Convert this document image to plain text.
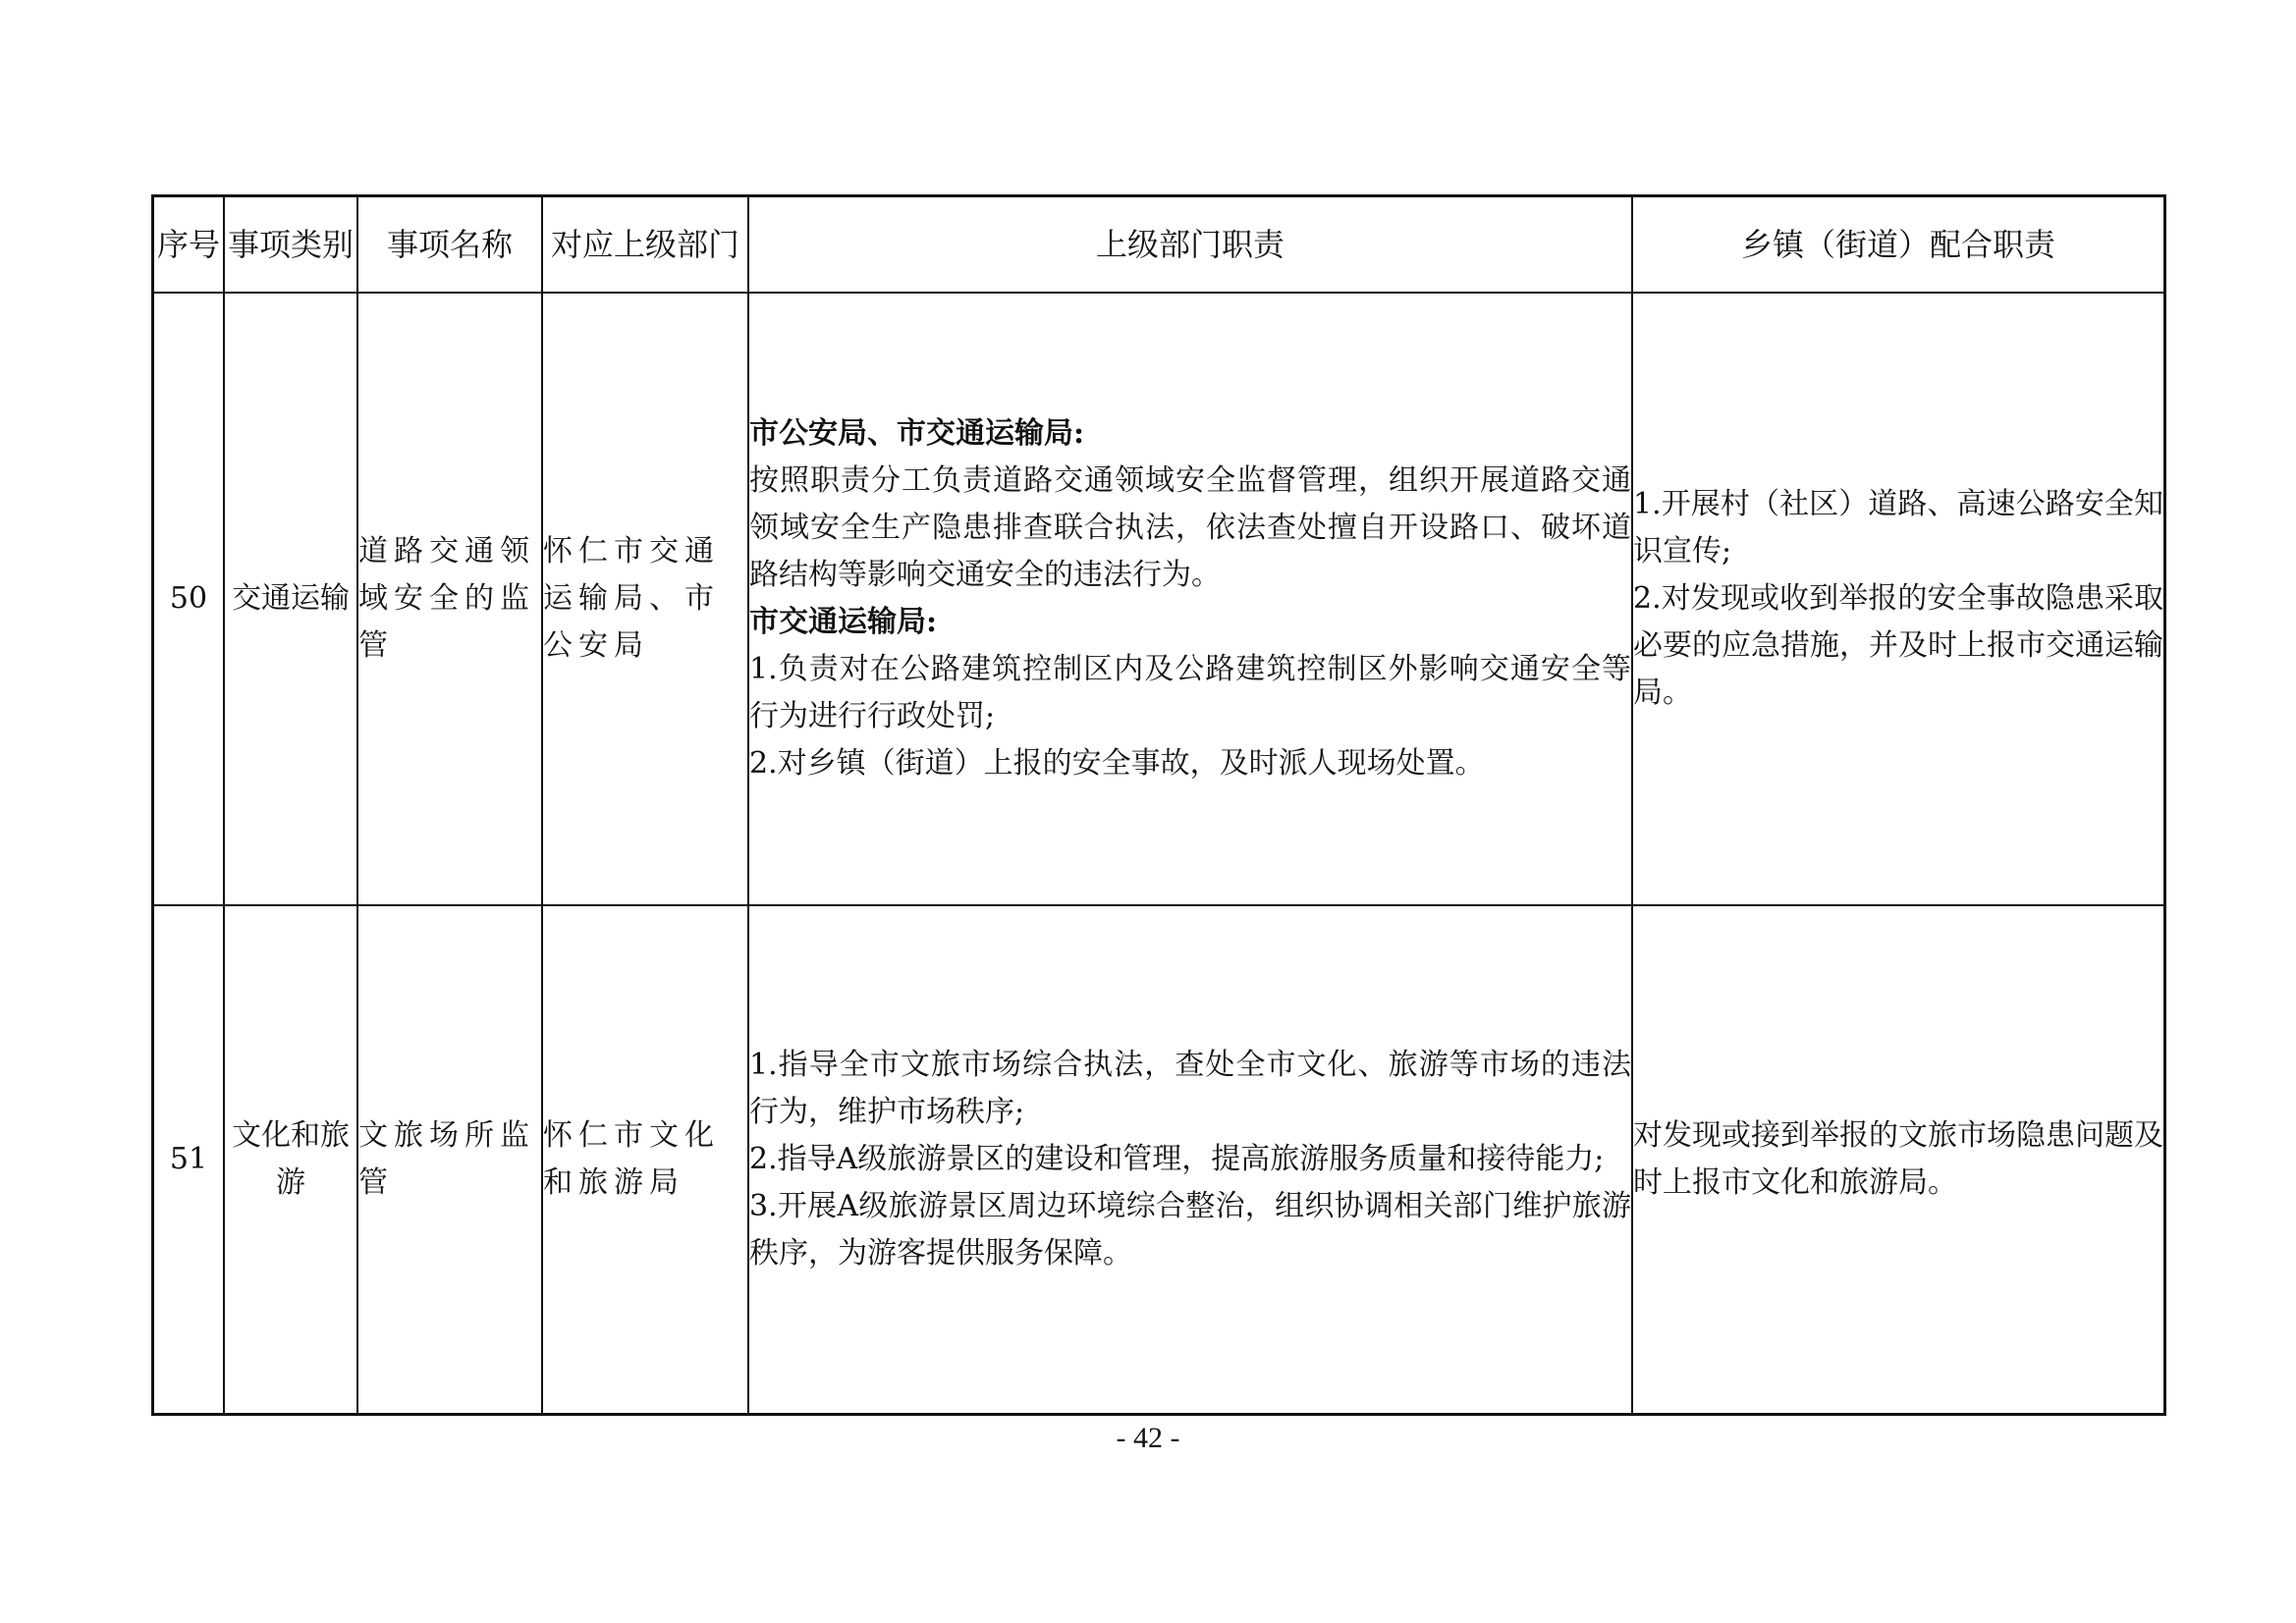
序号	事项类别	事项名称	对应上级部门	上级部门职责	乡镇（街道）配合职责
50	交通运输	道路交通领域安全的监管	怀仁市交通运输局、市公安局	市公安局、市交通运输局:
按照职责分工负责道路交通领域安全监督管理，组织开展道路交通领域安全生产隐患排查联合执法，依法查处擅自开设路口、破坏道路结构等影响交通安全的违法行为。
市交通运输局:
1.负责对在公路建筑控制区内及公路建筑控制区外影响交通安全等行为进行行政处罚;
2.对乡镇（街道）上报的安全事故，及时派人现场处置。	1.开展村（社区）道路、高速公路安全知识宣传;
2.对发现或收到举报的安全事故隐患采取必要的应急措施，并及时上报市交通运输局。

51	文化和旅游	文旅场所监管	怀仁市文化和旅游局	1.指导全市文旅市场综合执法，查处全市文化、旅游等市场的违法行为，维护市场秩序;
2.指导A级旅游景区的建设和管理，提高旅游服务质量和接待能力;
3.开展A级旅游景区周边环境综合整治，组织协调相关部门维护旅游秩序，为游客提供服务保障。	对发现或接到举报的文旅市场隐患问题及时上报市文化和旅游局。
- 42 -
